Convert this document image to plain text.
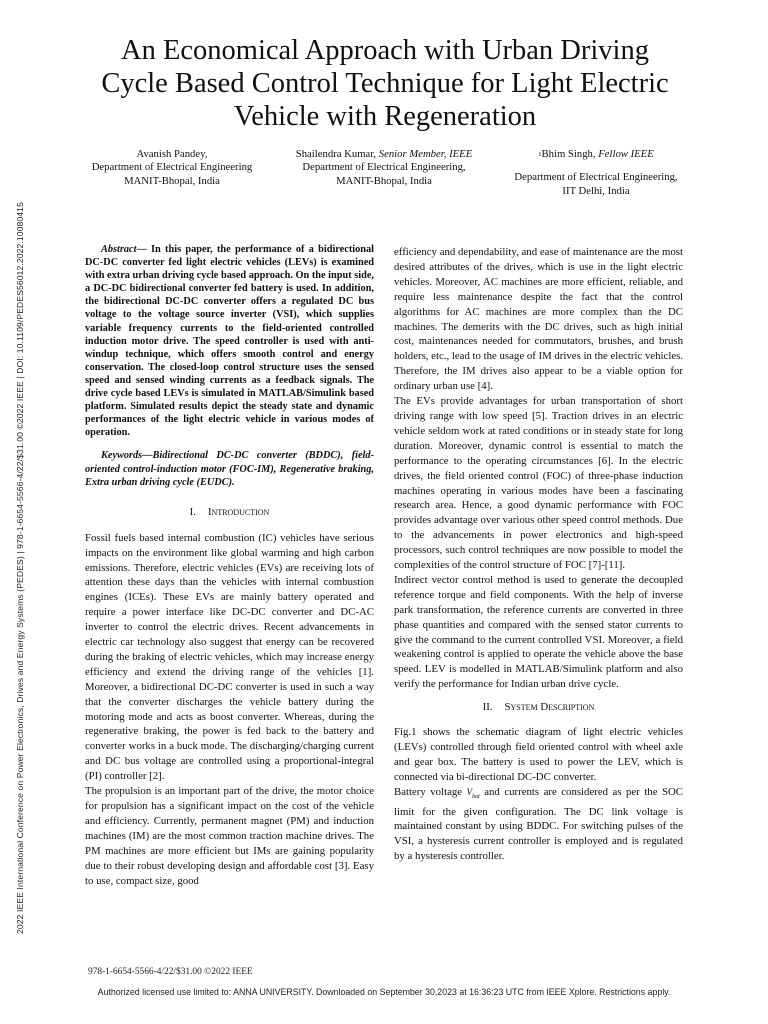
2022 IEEE International Conference on Power Electronics, Drives and Energy Systems (PEDES) | 978-1-6654-5566-4/22/$31.00 ©2022 IEEE | DOI: 10.1109/PEDES56012.2022.10080415
An Economical Approach with Urban Driving Cycle Based Control Technique for Light Electric Vehicle with Regeneration
Avanish Pandey,
Department of Electrical Engineering
MANIT-Bhopal, India
Shailendra Kumar, Senior Member, IEEE
Department of Electrical Engineering,
MANIT-Bhopal, India
$^1$Bhim Singh, Fellow IEEE
Department of Electrical Engineering,
IIT Delhi, India

Abstract— In this paper, the performance of a bidirectional DC-DC converter fed light electric vehicles (LEVs) is examined with extra urban driving cycle based approach. On the input side, a DC-DC bidirectional converter fed battery is used. In addition, the bidirectional DC-DC converter offers a regulated DC bus voltage to the voltage source inverter (VSI), which supplies variable frequency currents to the field-oriented controlled induction motor drive. The speed controller is used with anti-windup technique, which offers smooth control and energy conservation. The closed-loop control structure uses the sensed speed and sensed winding currents as a feedback signals. The drive cycle based LEVs is simulated in MATLAB/Simulink based platform. Simulated results depict the steady state and dynamic performances of the light electric vehicle in various modes of operation.

Keywords—Bidirectional DC-DC converter (BDDC), field-oriented control-induction motor (FOC-IM), Regenerative braking, Extra urban driving cycle (EUDC).

I. Introduction

Fossil fuels based internal combustion (IC) vehicles have serious impacts on the environment like global warming and high carbon emissions. Therefore, electric vehicles (EVs) are receiving lots of attention these days than the vehicles with internal combustion engines (ICEs). These EVs are mainly battery operated and require a power interface like DC-DC converter and DC-AC inverter to control the electric drives. Recent advancements in electric car technology also suggest that energy can be recovered during the braking of electric vehicles, which may increase energy efficiency and extend the driving range of the vehicles [1]. Moreover, a bidirectional DC-DC converter is used in such a way that the converter discharges the vehicle battery during the motoring mode and acts as boost converter. Whereas, during the regenerative braking, the power is fed back to the battery and converter works in a buck mode. The discharging/charging current and DC bus voltage are controlled using a proportional-integral (PI) controller [2].

The propulsion is an important part of the drive, the motor choice for propulsion has a significant impact on the cost of the vehicle and efficiency. Currently, permanent magnet (PM) and induction machines (IM) are the most common traction machine drives. The PM machines are more efficient but IMs are gaining popularity due to their robust developing design and affordable cost [3]. Easy to use, compact size, good

efficiency and dependability, and ease of maintenance are the most desired attributes of the drives, which is use in the light electric vehicles. Moreover, AC machines are more efficient, reliable, and require less maintenance despite the fact that the control algorithms for AC machines are more complex than the DC machines. The demerits with the DC drives, such as high initial cost, maintenances needed for commutators, brushes, and brush holders, etc., lead to the usage of IM drives in the electric vehicles. Therefore, the IM drives also appear to be a viable option for ordinary urban use [4].

The EVs provide advantages for urban transportation of short driving range with low speed [5]. Traction drives in an electric vehicle seldom work at rated conditions or in steady state for long duration. Moreover, dynamic control is essential to match the performance to the operating circumstances [6]. In the electric drives, the field oriented control (FOC) of three-phase induction machines operating in various modes have been a fascinating research area. Hence, a good dynamic performance with FOC provides advantage over various other speed control methods. Due to the advancements in power electronics and high-speed processors, such control techniques are now possible to model the complexities of the control structure of FOC [7]-[11].

Indirect vector control method is used to generate the decoupled reference torque and field components. With the help of inverse park transformation, the reference currents are converted in three phase quantities and compared with the sensed stator currents to give the command to the current controlled VSI. Moreover, a field weakening control is applied to operate the vehicle above the base speed. LEV is modelled in MATLAB/Simulink platform and also verify the performance for Indian urban drive cycle.

II. System Description

Fig.1 shows the schematic diagram of light electric vehicles (LEVs) controlled through field oriented control with wheel axle and gear box. The battery is used to power the LEV, which is connected via bi-directional DC-DC converter.

Battery voltage $V_{bat}$ and currents are considered as per the SOC limit for the given configuration. The DC link voltage is maintained constant by using BDDC. For switching pulses of the VSI, a hysteresis current controller is employed and is regulated by a hysteresis controller.

978-1-6654-5566-4/22/$31.00 ©2022 IEEE
Authorized licensed use limited to: ANNA UNIVERSITY. Downloaded on September 30,2023 at 16:36:23 UTC from IEEE Xplore. Restrictions apply.
